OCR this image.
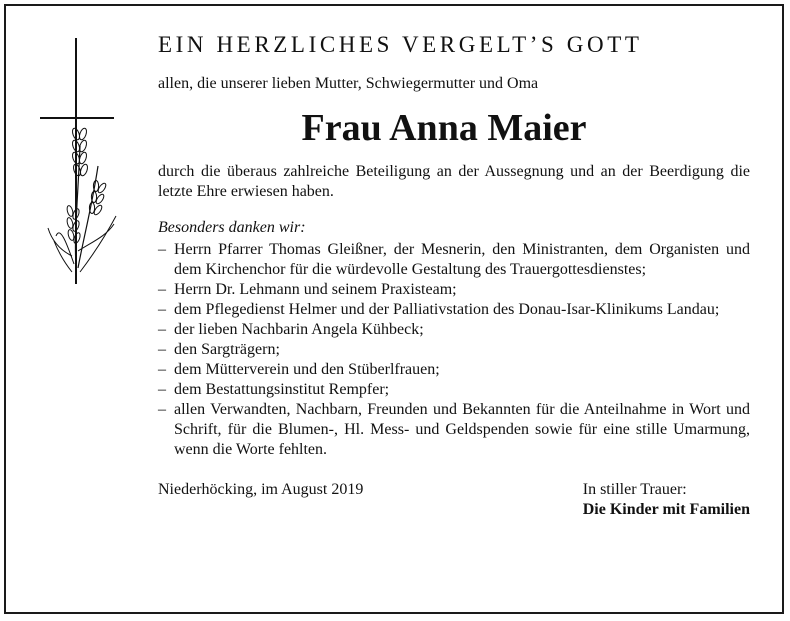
EIN HERZLICHES VERGELT’S GOTT
allen, die unserer lieben Mutter, Schwiegermutter und Oma
Frau Anna Maier
durch die überaus zahlreiche Beteiligung an der Aussegnung und an der Beerdigung die letzte Ehre erwiesen haben.
Besonders danken wir:
– Herrn Pfarrer Thomas Gleißner, der Mesnerin, den Ministranten, dem Organisten und dem Kirchenchor für die würdevolle Gestaltung des Trauergottesdienstes;
– Herrn Dr. Lehmann und seinem Praxisteam;
– dem Pflegedienst Helmer und der Palliativstation des Donau-Isar-Klinikums Landau;
– der lieben Nachbarin Angela Kühbeck;
– den Sargträgern;
– dem Mütterverein und den Stüberlfrauen;
– dem Bestattungsinstitut Rempfer;
– allen Verwandten, Nachbarn, Freunden und Bekannten für die Anteilnahme in Wort und Schrift, für die Blumen-, Hl. Mess- und Geldspenden sowie für eine stille Umarmung, wenn die Worte fehlten.
Niederhöcking, im August 2019	In stiller Trauer:
Die Kinder mit Familien
